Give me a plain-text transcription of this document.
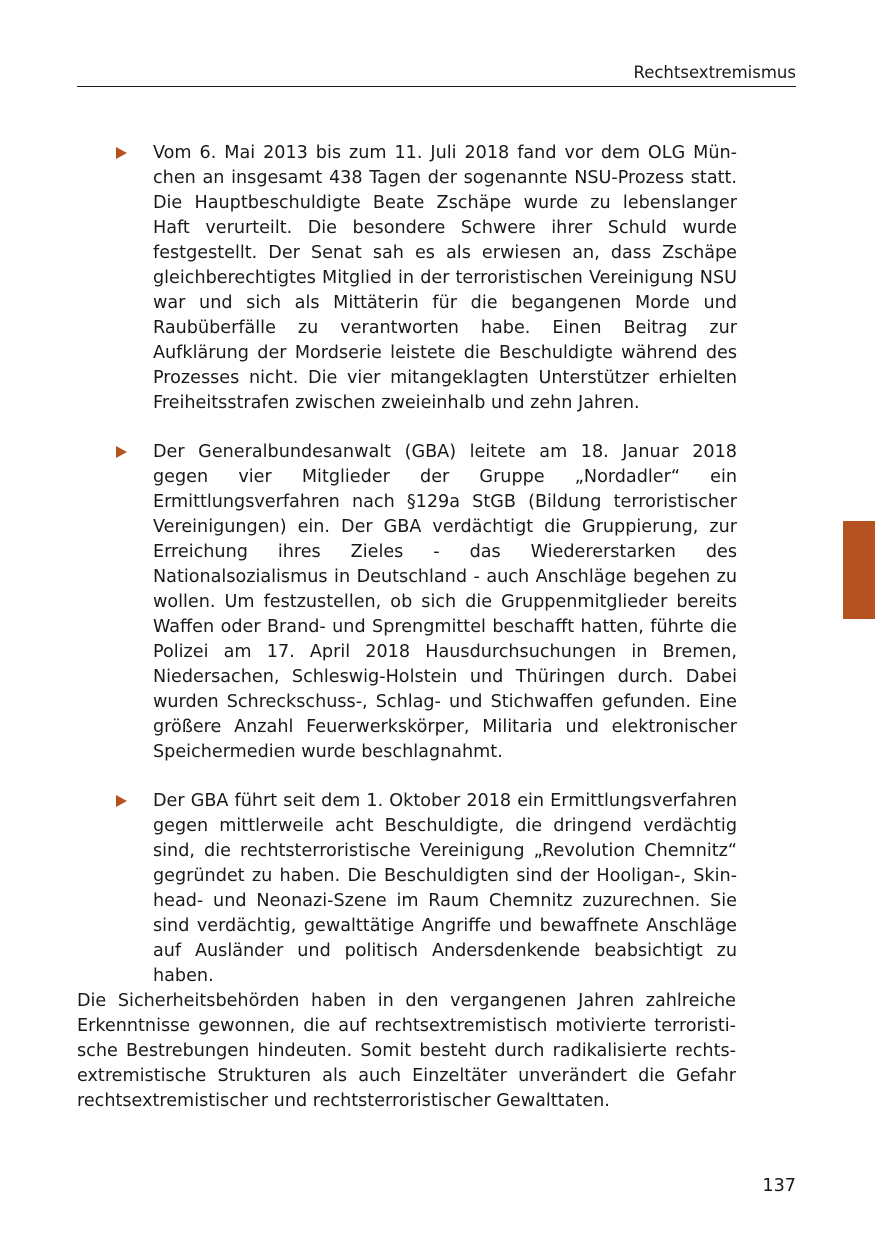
Rechtsextremismus

Vom 6. Mai 2013 bis zum 11. Juli 2018 fand vor dem OLG München an insgesamt 438 Tagen der sogenannte NSU-Prozess statt. Die Hauptbeschuldigte Beate Zschäpe wurde zu lebenslanger Haft verurteilt. Die besondere Schwere ihrer Schuld wurde festgestellt. Der Senat sah es als erwiesen an, dass Zschäpe gleichberechtigtes Mitglied in der terroristischen Vereinigung NSU war und sich als Mittäterin für die begangenen Morde und Raubüberfälle zu verantworten habe. Einen Beitrag zur Aufklärung der Mordserie leistete die Beschuldigte während des Prozesses nicht. Die vier mitangeklagten Unterstützer erhielten Freiheitsstrafen zwischen zweieinhalb und zehn Jahren.

Der Generalbundesanwalt (GBA) leitete am 18. Januar 2018 gegen vier Mitglieder der Gruppe „Nordadler“ ein Ermittlungsverfahren nach §129a StGB (Bildung terroristischer Vereinigungen) ein. Der GBA verdächtigt die Gruppierung, zur Erreichung ihres Zieles - das Wiedererstarken des Nationalsozialismus in Deutschland - auch Anschläge begehen zu wollen. Um festzustellen, ob sich die Gruppenmitglieder bereits Waffen oder Brand- und Sprengmittel beschafft hatten, führte die Polizei am 17. April 2018 Hausdurchsuchungen in Bremen, Niedersachen, Schleswig-Holstein und Thüringen durch. Dabei wurden Schreckschuss-, Schlag- und Stichwaffen gefunden. Eine größere Anzahl Feuerwerkskörper, Militaria und elektronischer Speichermedien wurde beschlagnahmt.

Der GBA führt seit dem 1. Oktober 2018 ein Ermittlungsverfahren gegen mittlerweile acht Beschuldigte, die dringend verdächtig sind, die rechtsterroristische Vereinigung „Revolution Chemnitz“ gegründet zu haben. Die Beschuldigten sind der Hooligan-, Skinhead- und Neonazi-Szene im Raum Chemnitz zuzurechnen. Sie sind verdächtig, gewalttätige Angriffe und bewaffnete Anschläge auf Ausländer und politisch Andersdenkende beabsichtigt zu haben.

Die Sicherheitsbehörden haben in den vergangenen Jahren zahlreiche Erkenntnisse gewonnen, die auf rechtsextremistisch motivierte terroristische Bestrebungen hindeuten. Somit besteht durch radikalisierte rechtsextremistische Strukturen als auch Einzeltäter unverändert die Gefahr rechtsextremistischer und rechtsterroristischer Gewalttaten.

137
